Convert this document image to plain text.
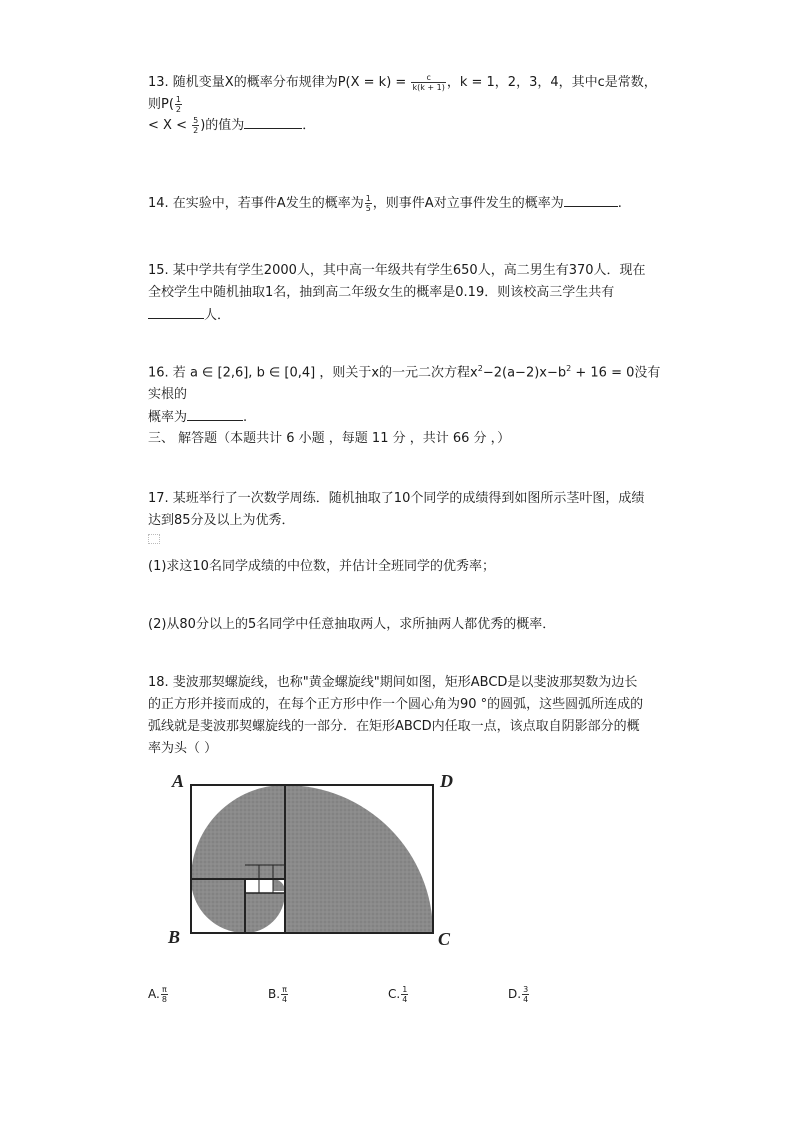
13. 随机变量X的概率分布规律为$P(X = k) = \frac{c}{k(k + 1)}$ ，k = 1，2，3，4，其中c是常数，则$P( \frac{1}{2}$
< $X < \frac{5}{2}$ )的值为	．
14. 在实验中，若事件A发生的概率为 $\frac{1}{5}$ ，则事件A对立事件发生的概率为	.
15. 某中学共有学生2000人，其中高一年级共有学生650人，高二男生有370人．现在
全校学生中随机抽取1名，抽到高二年级女生的概率是0.19．则该校高三学生共有
人．
16. 若 a ∈ [2,6], b ∈ [0,4] ，则关于x的一元二次方程$x^2-2(a-2)x-b^2 + 16 = 0$没有实根的
概率为	.
三、 解答题（本题共计 6 小题 ，每题 11 分 ，共计 66 分 ，）
17. 某班举行了一次数学周练．随机抽取了10个同学的成绩得到如图所示茎叶图，成绩
达到85分及以上为优秀．
(1)求这10名同学成绩的中位数，并估计全班同学的优秀率；
(2)从80分以上的5名同学中任意抽取两人，求所抽两人都优秀的概率．
18. 斐波那契螺旋线，也称"黄金螺旋线"期间如图，矩形ABCD是以斐波那契数为边长
的正方形并接而成的，在每个正方形中作一个圆心角为90 °的圆弧，这些圆弧所连成的
弧线就是斐波那契螺旋线的一部分．在矩形ABCD内任取一点，该点取自阴影部分的概
率为头（ ）
A	D
B	C
A. $\frac{\pi}{8}$	B. $\frac{\pi}{4}$	C. $\frac{1}{4}$	D. $\frac{3}{4}$
